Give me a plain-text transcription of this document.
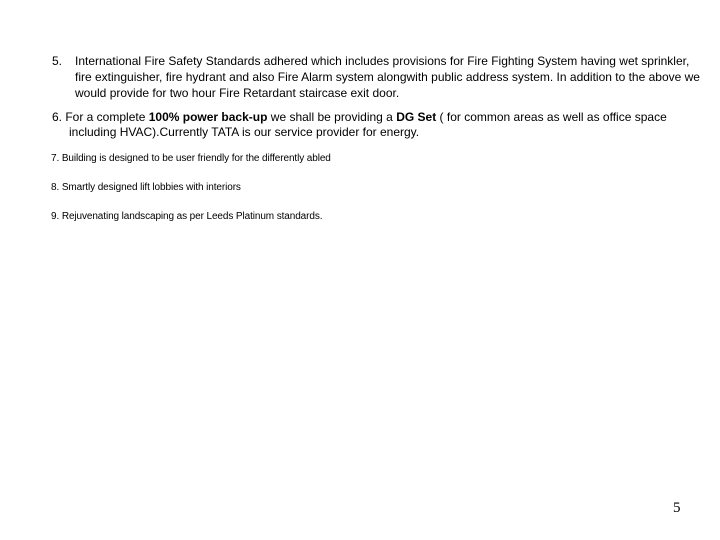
5. International Fire Safety Standards adhered which includes provisions for Fire Fighting System having wet sprinkler, fire extinguisher, fire hydrant and also Fire Alarm system alongwith public address system. In addition to the above we would provide for two hour Fire Retardant staircase exit door.
6. For a complete 100% power back-up we shall be providing a DG Set ( for common areas as well as office space
including HVAC).Currently TATA is our service provider for energy.
7. Building is designed to be user friendly for the differently abled
8. Smartly designed lift lobbies with interiors
9. Rejuvenating landscaping as per Leeds Platinum standards.
5
